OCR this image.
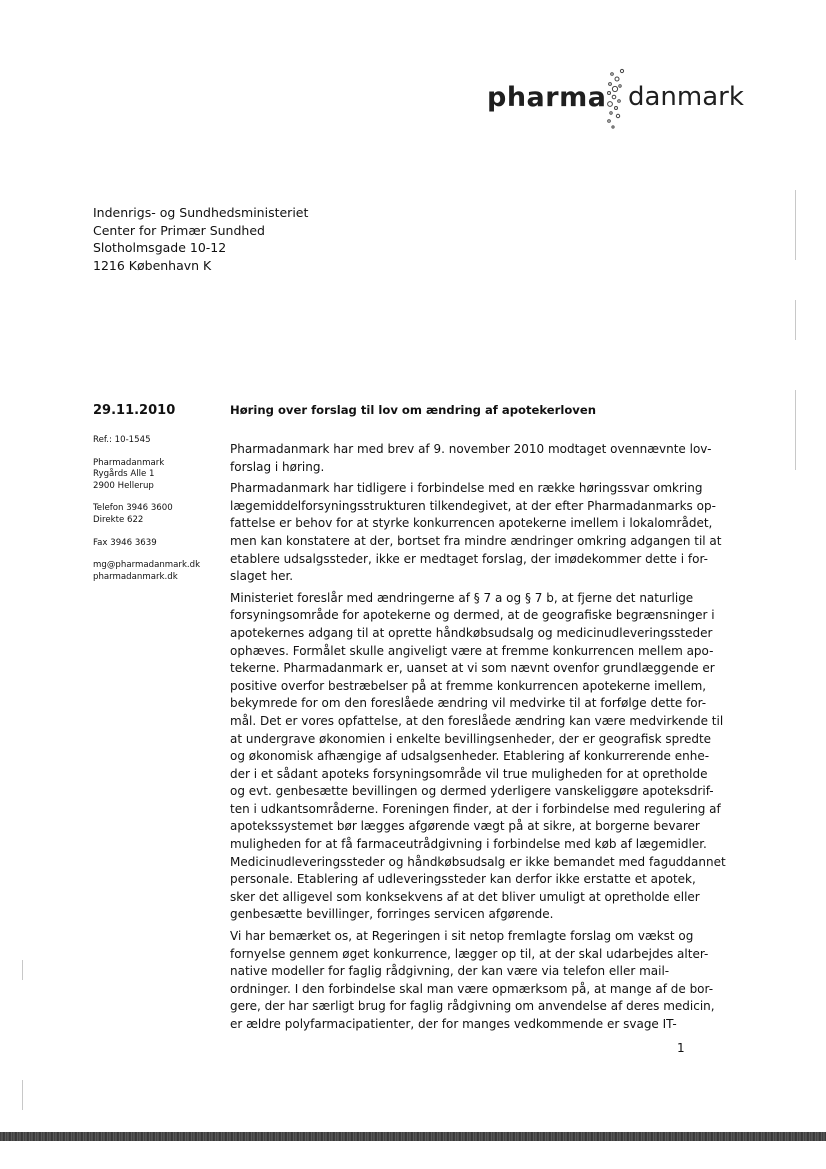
pharma danmark
Indenrigs- og Sundhedsministeriet
Center for Primær Sundhed
Slotholmsgade 10-12
1216 København K
29.11.2010	Høring over forslag til lov om ændring af apotekerloven
Ref.: 10-1545
Pharmadanmark
Rygårds Alle 1
2900 Hellerup
Telefon 3946 3600
Direkte 622
Fax 3946 3639
mg@pharmadanmark.dk
pharmadanmark.dk

Pharmadanmark har med brev af 9. november 2010 modtaget ovennævnte lov-
forslag i høring.

Pharmadanmark har tidligere i forbindelse med en række høringssvar omkring
lægemiddelforsyningsstrukturen tilkendegivet, at der efter Pharmadanmarks op-
fattelse er behov for at styrke konkurrencen apotekerne imellem i lokalområdet,
men kan konstatere at der, bortset fra mindre ændringer omkring adgangen til at
etablere udsalgssteder, ikke er medtaget forslag, der imødekommer dette i for-
slaget her.

Ministeriet foreslår med ændringerne af § 7 a og § 7 b, at fjerne det naturlige
forsyningsområde for apotekerne og dermed, at de geografiske begrænsninger i
apotekernes adgang til at oprette håndkøbsudsalg og medicinudleveringssteder
ophæves. Formålet skulle angiveligt være at fremme konkurrencen mellem apo-
tekerne. Pharmadanmark er, uanset at vi som nævnt ovenfor grundlæggende er
positive overfor bestræbelser på at fremme konkurrencen apotekerne imellem,
bekymrede for om den foreslåede ændring vil medvirke til at forfølge dette for-
mål. Det er vores opfattelse, at den foreslåede ændring kan være medvirkende til
at undergrave økonomien i enkelte bevillingsenheder, der er geografisk spredte
og økonomisk afhængige af udsalgsenheder. Etablering af konkurrerende enhe-
der i et sådant apoteks forsyningsområde vil true muligheden for at opretholde
og evt. genbesætte bevillingen og dermed yderligere vanskeliggøre apoteksdrif-
ten i udkantsområderne. Foreningen finder, at der i forbindelse med regulering af
apotekssystemet bør lægges afgørende vægt på at sikre, at borgerne bevarer
muligheden for at få farmaceutrådgivning i forbindelse med køb af lægemidler.
Medicinudleveringssteder og håndkøbsudsalg er ikke bemandet med faguddannet
personale. Etablering af udleveringssteder kan derfor ikke erstatte et apotek,
sker det alligevel som konksekvens af at det bliver umuligt at opretholde eller
genbesætte bevillinger, forringes servicen afgørende.

Vi har bemærket os, at Regeringen i sit netop fremlagte forslag om vækst og
fornyelse gennem øget konkurrence, lægger op til, at der skal udarbejdes alter-
native modeller for faglig rådgivning, der kan være via telefon eller mail-
ordninger. I den forbindelse skal man være opmærksom på, at mange af de bor-
gere, der har særligt brug for faglig rådgivning om anvendelse af deres medicin,
er ældre polyfarmacipatienter, der for manges vedkommende er svage IT-

1
